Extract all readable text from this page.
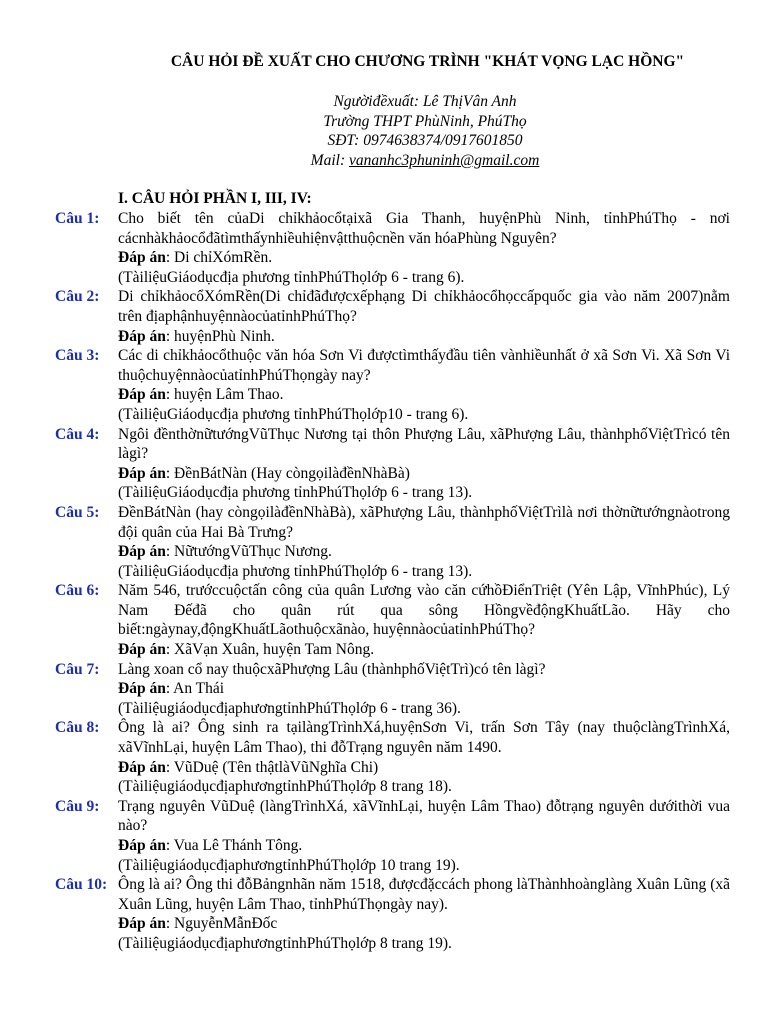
CÂU HỎI ĐỀ XUẤT CHO CHƯƠNG TRÌNH "KHÁT VỌNG LẠC HỒNG"
Ngườiđềxuất: Lê ThịVân Anh
Trường THPT PhùNinh, PhúThọ
SĐT: 0974638374/0917601850
Mail: vananhc3phuninh@gmail.com
I. CÂU HỎI PHẦN I, III, IV:
Câu 1: Cho biết tên củaDi chỉkhảocổtạixã Gia Thanh, huyệnPhù Ninh, tỉnhPhúThọ - nơi cácnhàkhảocổđãtìmthấynhiềuhiệnvậtthuộcnền văn hóaPhùng Nguyên?
Đáp án: Di chỉXómRền.
(TàiliệuGiáodụcđịa phương tỉnhPhúThọlớp 6 - trang 6).
Câu 2: Di chỉkhảocổXómRền(Di chỉđãđượcxếphạng Di chỉkhảocổhọccấpquốc gia vào năm 2007)nằm trên địaphậnhuyệnnàocủatỉnhPhúThọ?
Đáp án: huyệnPhù Ninh.
Câu 3: Các di chỉkhảocổthuộc văn hóa Sơn Vi đượctìmthấyđầu tiên vànhiềunhất ở xã Sơn Vi. Xã Sơn Vi thuộchuyệnnàocủatỉnhPhúThọngày nay?
Đáp án: huyện Lâm Thao.
(TàiliệuGiáodụcđịa phương tỉnhPhúThọlớp10 - trang 6).
Câu 4: Ngôi đềnthờnữtướngVũThục Nương tại thôn Phượng Lâu, xãPhượng Lâu, thànhphốViệtTrìcó tên làgì?
Đáp án: ĐềnBátNàn (Hay còngọilàđềnNhàBà)
(TàiliệuGiáodụcđịa phương tỉnhPhúThọlớp 6 - trang 13).
Câu 5: ĐềnBátNàn (hay còngọilàđềnNhàBà), xãPhượng Lâu, thànhphốViệtTrìlà nơi thờnữtướngnàotrong đội quân của Hai Bà Trưng?
Đáp án: NữtướngVũThục Nương.
(TàiliệuGiáodụcđịa phương tỉnhPhúThọlớp 6 - trang 13).
Câu 6: Năm 546, trướccuộctấn công của quân Lương vào căn cứhồĐiểnTriệt (Yên Lập, VĩnhPhúc), Lý Nam Đếđã cho quân rút qua sông HồngvềđộngKhuấtLão. Hãy cho biết:ngàynay,độngKhuấtLãothuộcxãnào, huyệnnàocủatỉnhPhúThọ?
Đáp án: XãVạn Xuân, huyện Tam Nông.
Câu 7: Làng xoan cổ nay thuộcxãPhượng Lâu (thànhphốViệtTrì)có tên làgì?
Đáp án: An Thái
(TàiliệugiáodụcđịaphươngtỉnhPhúThọlớp 6 - trang 36).
Câu 8: Ông là ai? Ông sinh ra tạilàngTrìnhXá,huyệnSơn Vi, trấn Sơn Tây (nay thuộclàngTrìnhXá, xãVĩnhLại, huyện Lâm Thao), thi đỗTrạng nguyên năm 1490.
Đáp án: VũDuệ (Tên thậtlàVũNghĩa Chi)
(TàiliệugiáodụcđịaphươngtỉnhPhúThọlớp 8 trang 18).
Câu 9: Trạng nguyên VũDuệ (làngTrìnhXá, xãVĩnhLại, huyện Lâm Thao) đỗtrạng nguyên dướithời vua nào?
Đáp án: Vua Lê Thánh Tông.
(TàiliệugiáodụcđịaphươngtỉnhPhúThọlớp 10 trang 19).
Câu 10: Ông là ai? Ông thi đỗBảngnhãn năm 1518, đượcđặccách phong làThànhhoànglàng Xuân Lũng (xã Xuân Lũng, huyện Lâm Thao, tỉnhPhúThọngày nay).
Đáp án: NguyễnMẫnĐốc
(TàiliệugiáodụcđịaphươngtỉnhPhúThọlớp 8 trang 19).
